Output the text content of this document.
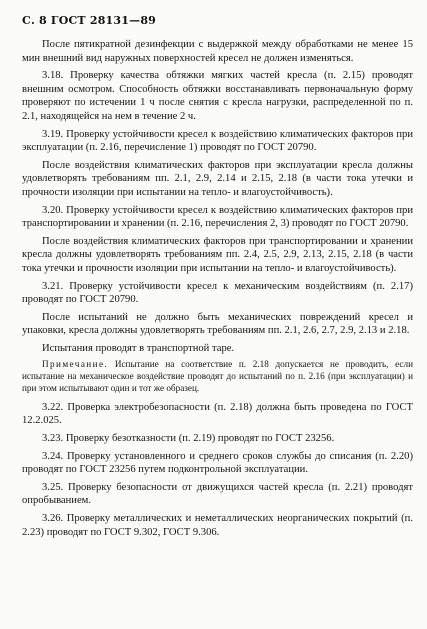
С. 8 ГОСТ 28131—89

После пятикратной дезинфекции с выдержкой между обработками не менее 15 мин внешний вид наружных поверхностей кресел не должен изменяться.

3.18. Проверку качества обтяжки мягких частей кресла (п. 2.15) проводят внешним осмотром. Способность обтяжки восстанавливать первоначальную форму проверяют по истечении 1 ч после снятия с кресла нагрузки, распределенной по п. 2.1, находящейся на нем в течение 2 ч.

3.19. Проверку устойчивости кресел к воздействию климатических факторов при эксплуатации (п. 2.16, перечисление 1) проводят по ГОСТ 20790.

После воздействия климатических факторов при эксплуатации кресла должны удовлетворять требованиям пп. 2.1, 2.9, 2.14 и 2.15, 2.18 (в части тока утечки и прочности изоляции при испытании на тепло- и влагоустойчивость).

3.20. Проверку устойчивости кресел к воздействию климатических факторов при транспортировании и хранении (п. 2.16, перечисления 2, 3) проводят по ГОСТ 20790.

После воздействия климатических факторов при транспортировании и хранении кресла должны удовлетворять требованиям пп. 2.4, 2.5, 2.9, 2.13, 2.15, 2.18 (в части тока утечки и прочности изоляции при испытании на тепло- и влагоустойчивость).

3.21. Проверку устойчивости кресел к механическим воздействиям (п. 2.17) проводят по ГОСТ 20790.

После испытаний не должно быть механических повреждений кресел и упаковки, кресла должны удовлетворять требованиям пп. 2.1, 2.6, 2.7, 2.9, 2.13 и 2.18.

Испытания проводят в транспортной таре.

Примечание. Испытание на соответствие п. 2.18 допускается не проводить, если испытание на механическое воздействие проводят до испытаний по п. 2.16 (при эксплуатации) и при этом испытывают один и тот же образец.

3.22. Проверка электробезопасности (п. 2.18) должна быть проведена по ГОСТ 12.2.025.

3.23. Проверку безотказности (п. 2.19) проводят по ГОСТ 23256.

3.24. Проверку установленного и среднего сроков службы до списания (п. 2.20) проводят по ГОСТ 23256 путем подконтрольной эксплуатации.

3.25. Проверку безопасности от движущихся частей кресла (п. 2.21) проводят опробыванием.

3.26. Проверку металлических и неметаллических неорганических покрытий (п. 2.23) проводят по ГОСТ 9.302, ГОСТ 9.306.
